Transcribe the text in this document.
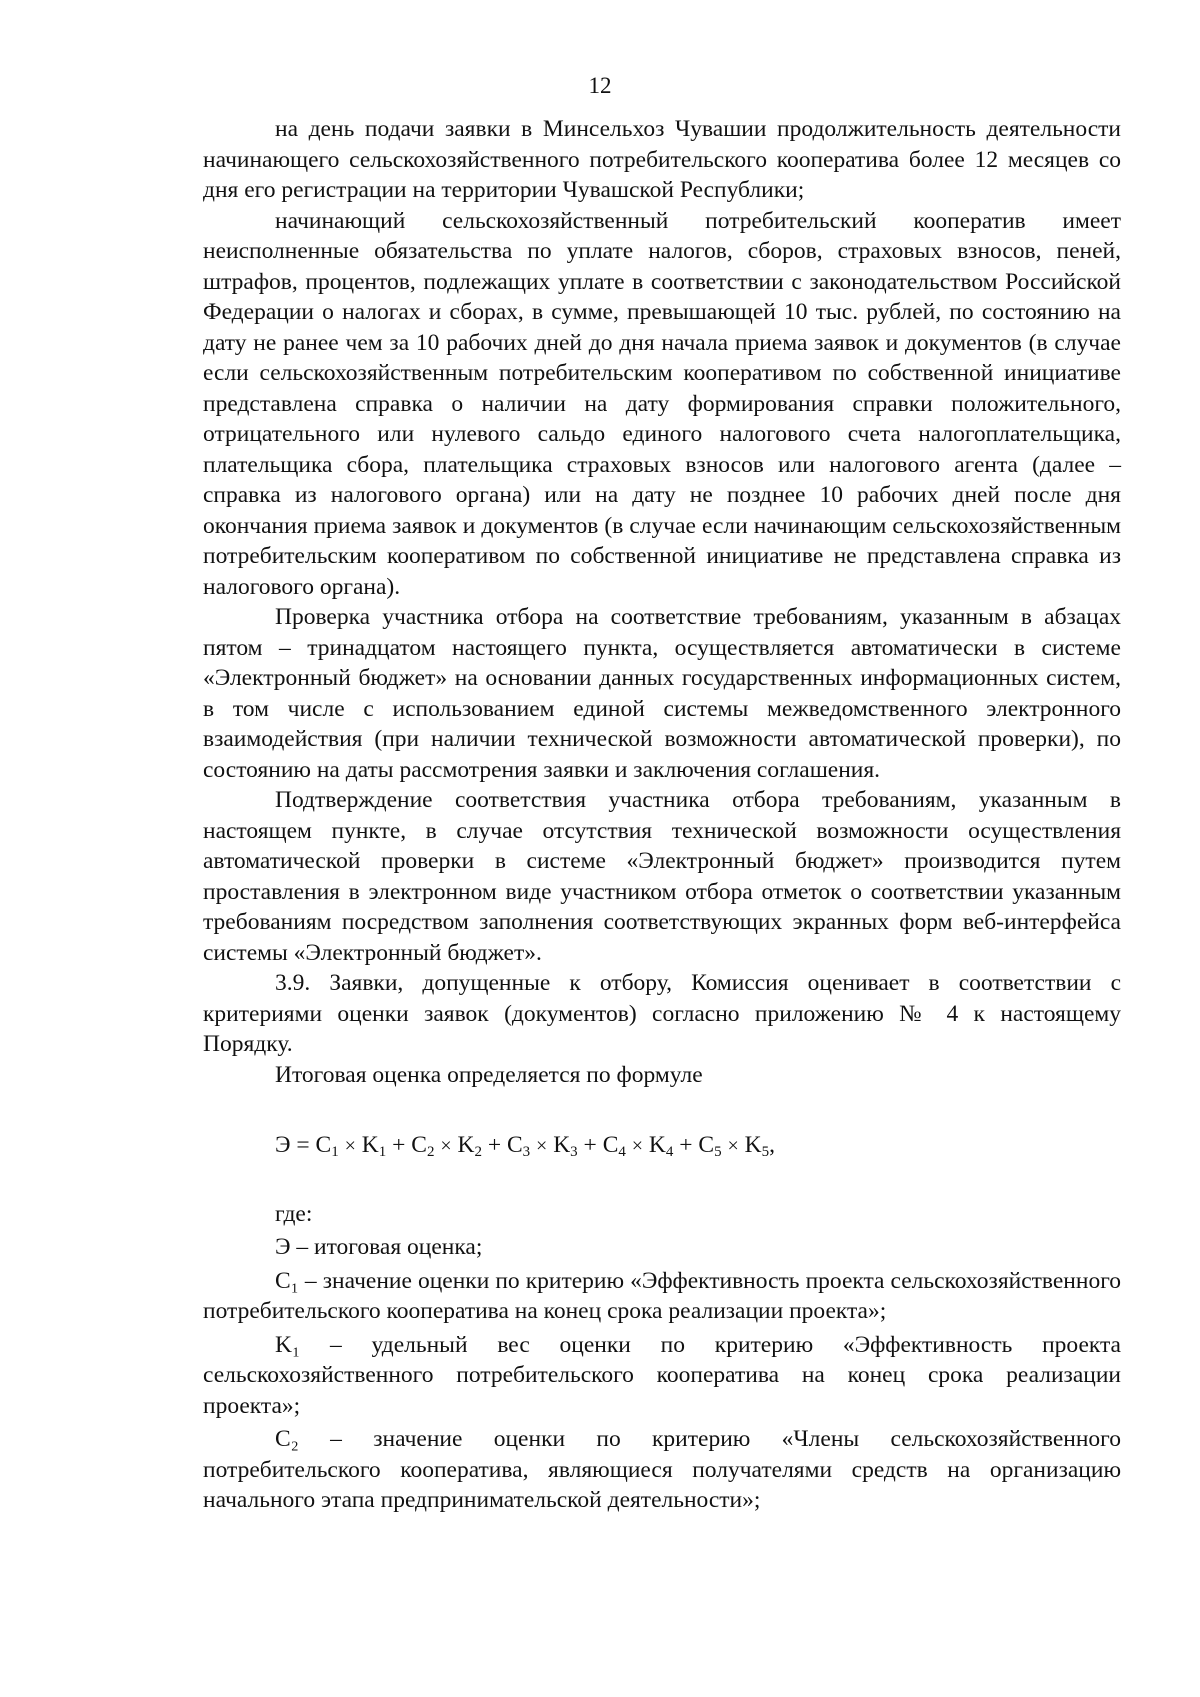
12

на день подачи заявки в Минсельхоз Чувашии продолжительность деятельности начинающего сельскохозяйственного потребительского кооператива более 12 месяцев со дня его регистрации на территории Чувашской Республики;

начинающий сельскохозяйственный потребительский кооператив имеет неисполненные обязательства по уплате налогов, сборов, страховых взносов, пеней, штрафов, процентов, подлежащих уплате в соответствии с законодательством Российской Федерации о налогах и сборах, в сумме, превышающей 10 тыс. рублей, по состоянию на дату не ранее чем за 10 рабочих дней до дня начала приема заявок и документов (в случае если сельскохозяйственным потребительским кооперативом по собственной инициативе представлена справка о наличии на дату формирования справки положительного, отрицательного или нулевого сальдо единого налогового счета налогоплательщика, плательщика сбора, плательщика страховых взносов или налогового агента (далее – справка из налогового органа) или на дату не позднее 10 рабочих дней после дня окончания приема заявок и документов (в случае если начинающим сельскохозяйственным потребительским кооперативом по собственной инициативе не представлена справка из налогового органа).

Проверка участника отбора на соответствие требованиям, указанным в абзацах пятом – тринадцатом настоящего пункта, осуществляется автоматически в системе «Электронный бюджет» на основании данных государственных информационных систем, в том числе с использованием единой системы межведомственного электронного взаимодействия (при наличии технической возможности автоматической проверки), по состоянию на даты рассмотрения заявки и заключения соглашения.

Подтверждение соответствия участника отбора требованиям, указанным в настоящем пункте, в случае отсутствия технической возможности осуществления автоматической проверки в системе «Электронный бюджет» производится путем проставления в электронном виде участником отбора отметок о соответствии указанным требованиям посредством заполнения соответствующих экранных форм веб-интерфейса системы «Электронный бюджет».

3.9. Заявки, допущенные к отбору, Комиссия оценивает в соответствии с критериями оценки заявок (документов) согласно приложению № 4 к настоящему Порядку.

Итоговая оценка определяется по формуле

$Э = C_1 \times K_1 + C_2 \times K_2 + C_3 \times K_3 + C_4 \times K_4 + C_5 \times K_5$,

где:

Э – итоговая оценка;

C₁ – значение оценки по критерию «Эффективность проекта сельскохозяйственного потребительского кооператива на конец срока реализации проекта»;

K₁ – удельный вес оценки по критерию «Эффективность проекта сельскохозяйственного потребительского кооператива на конец срока реализации проекта»;

C₂ – значение оценки по критерию «Члены сельскохозяйственного потребительского кооператива, являющиеся получателями средств на организацию начального этапа предпринимательской деятельности»;
